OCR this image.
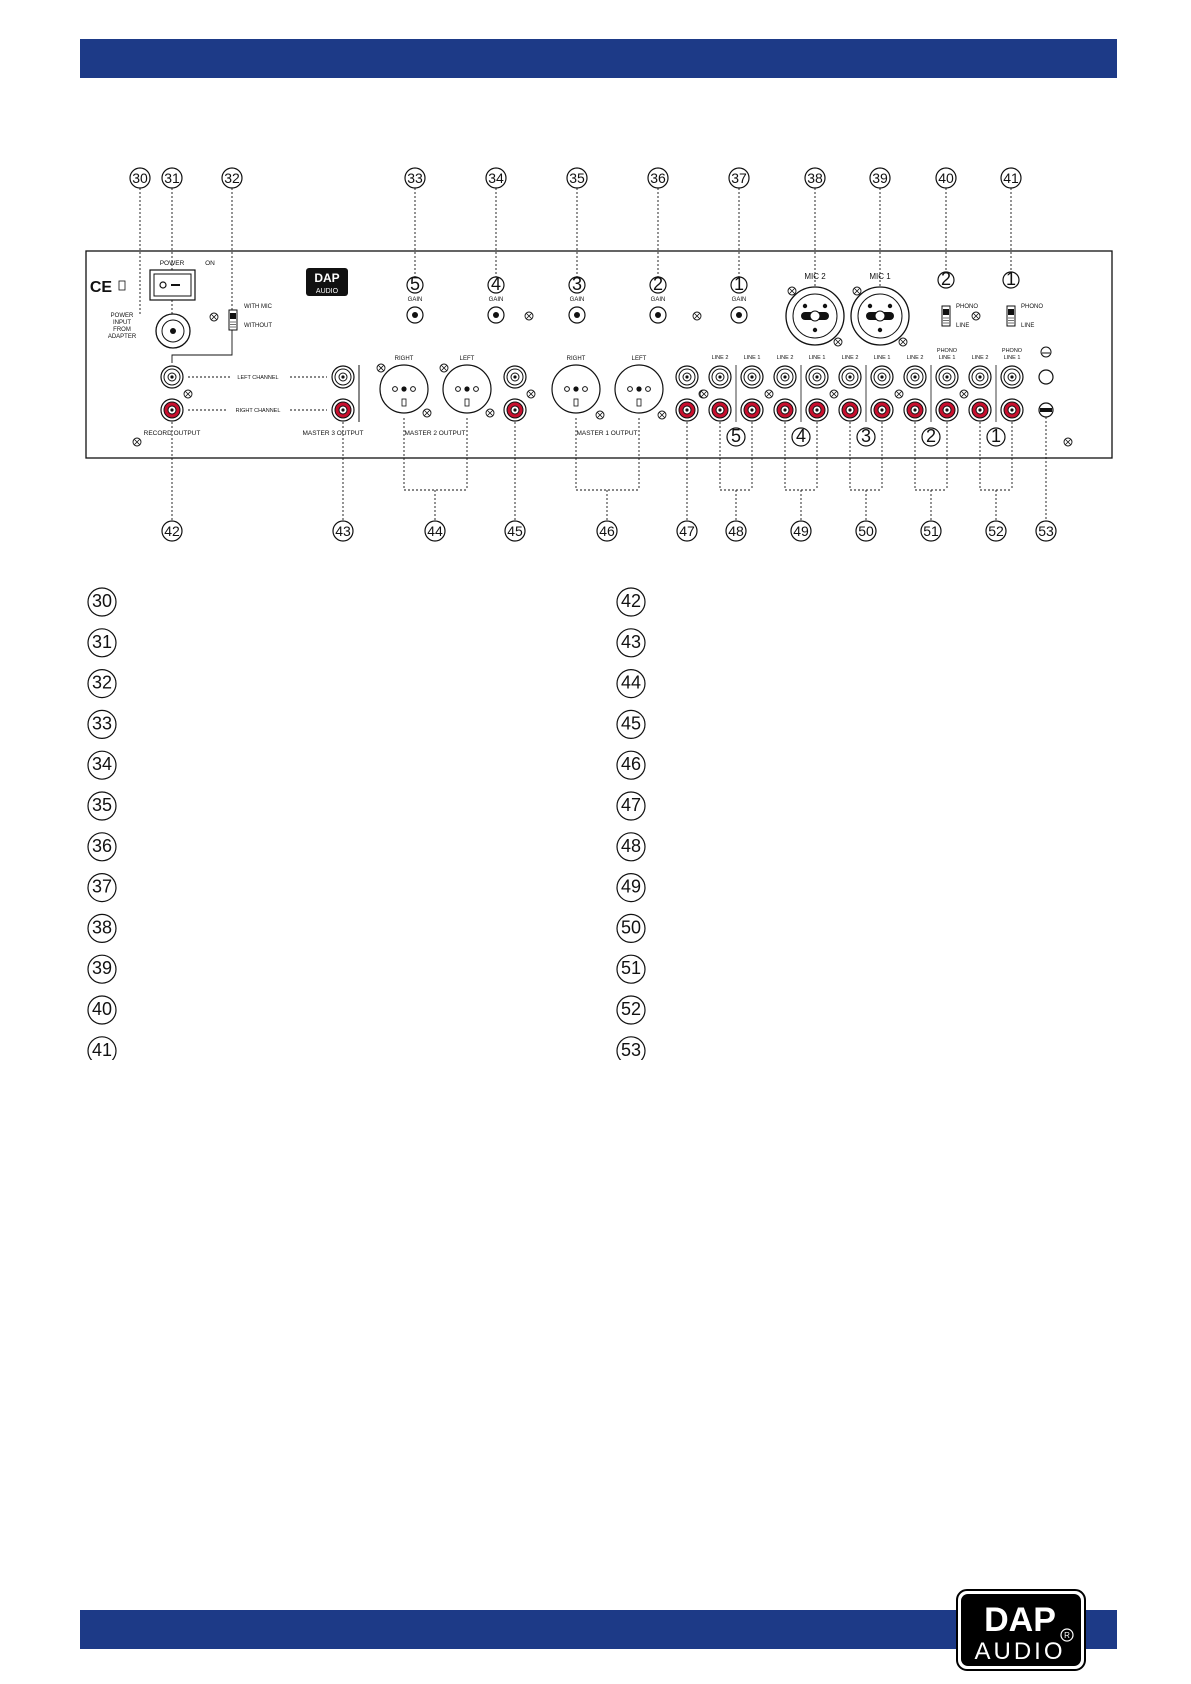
30 31	32	33	34	35	36	37	38	39	40	41
42	43	44	45	46	47 48	49	50	51	52 53
CE
POWER	ON
POWER
INPUT
FROM
ADAPTER
WITH MIC
WITHOUT
DAP
AUDIO	5
GAIN
4
GAIN
3
GAIN
2
GAIN
1
GAIN
MIC 2	MIC 1	2
PHONO
LINE
1
PHONO
LINE
RECORD OUTPUT
LEFT CHANNEL
RIGHT CHANNEL
MASTER 3 OUTPUT
RIGHT	LEFT
MASTER 2 OUTPUT
RIGHT	LEFT
MASTER 1 OUTPUT
LINE 2	LINE 1
5
LINE 2	LINE 1
4
LINE 2	LINE 1
3
LINE 2
PHONO
LINE 1
2
LINE 2
PHONO
LINE 1
1
30
31
32
33
34
35
36
37
38
39
40
41
42
43
44
45
46
47
48
49
50
51
52
53
DAP
AUDIO
R
